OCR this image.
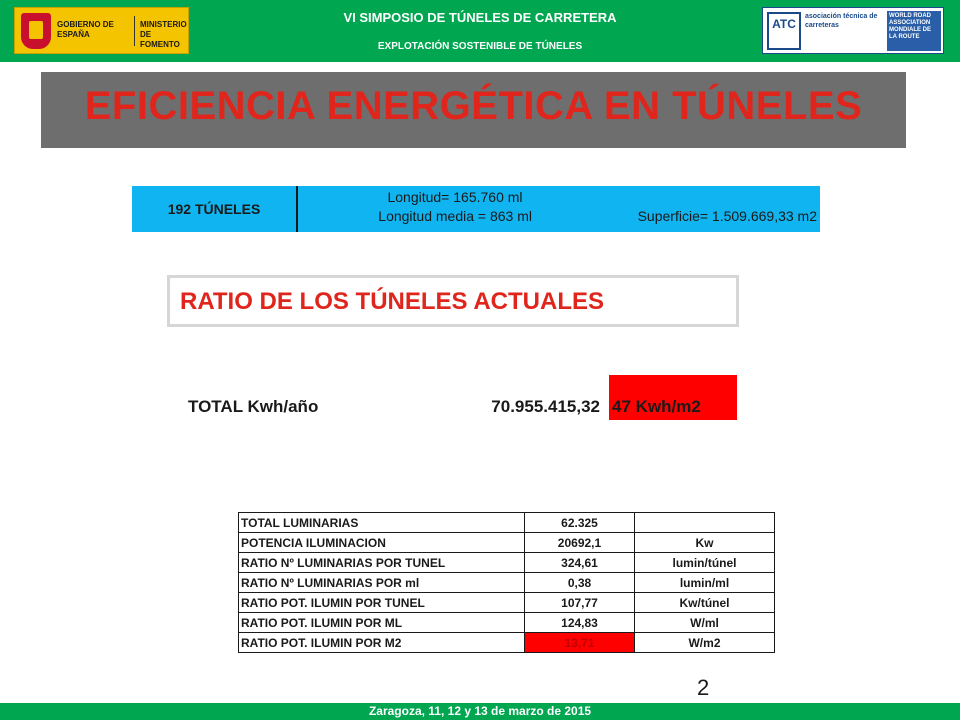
GOBIERNO DE ESPAÑA
MINISTERIO DE FOMENTO
VI SIMPOSIO DE TÚNELES DE CARRETERA
EXPLOTACIÓN SOSTENIBLE DE TÚNELES
ATC
asociación técnica de carreteras
WORLD ROAD ASSOCIATION MONDIALE DE LA ROUTE
EFICIENCIA ENERGÉTICA EN TÚNELES
192 TÚNELES
Longitud= 165.760 ml
Longitud media = 863 ml	Superficie= 1.509.669,33 m2
RATIO DE LOS TÚNELES ACTUALES
TOTAL Kwh/año	70.955.415,32 47 Kwh/m2
TOTAL LUMINARIAS	62.325	
POTENCIA ILUMINACION	20692,1	Kw
RATIO Nº LUMINARIAS POR TUNEL	324,61	lumin/túnel
RATIO Nº LUMINARIAS POR ml	0,38	lumin/ml
RATIO POT. ILUMIN POR TUNEL	107,77	Kw/túnel
RATIO POT. ILUMIN POR ML	124,83	W/ml
RATIO POT. ILUMIN POR M2	13,71	W/m2
2
Zaragoza, 11, 12 y 13 de marzo de 2015
